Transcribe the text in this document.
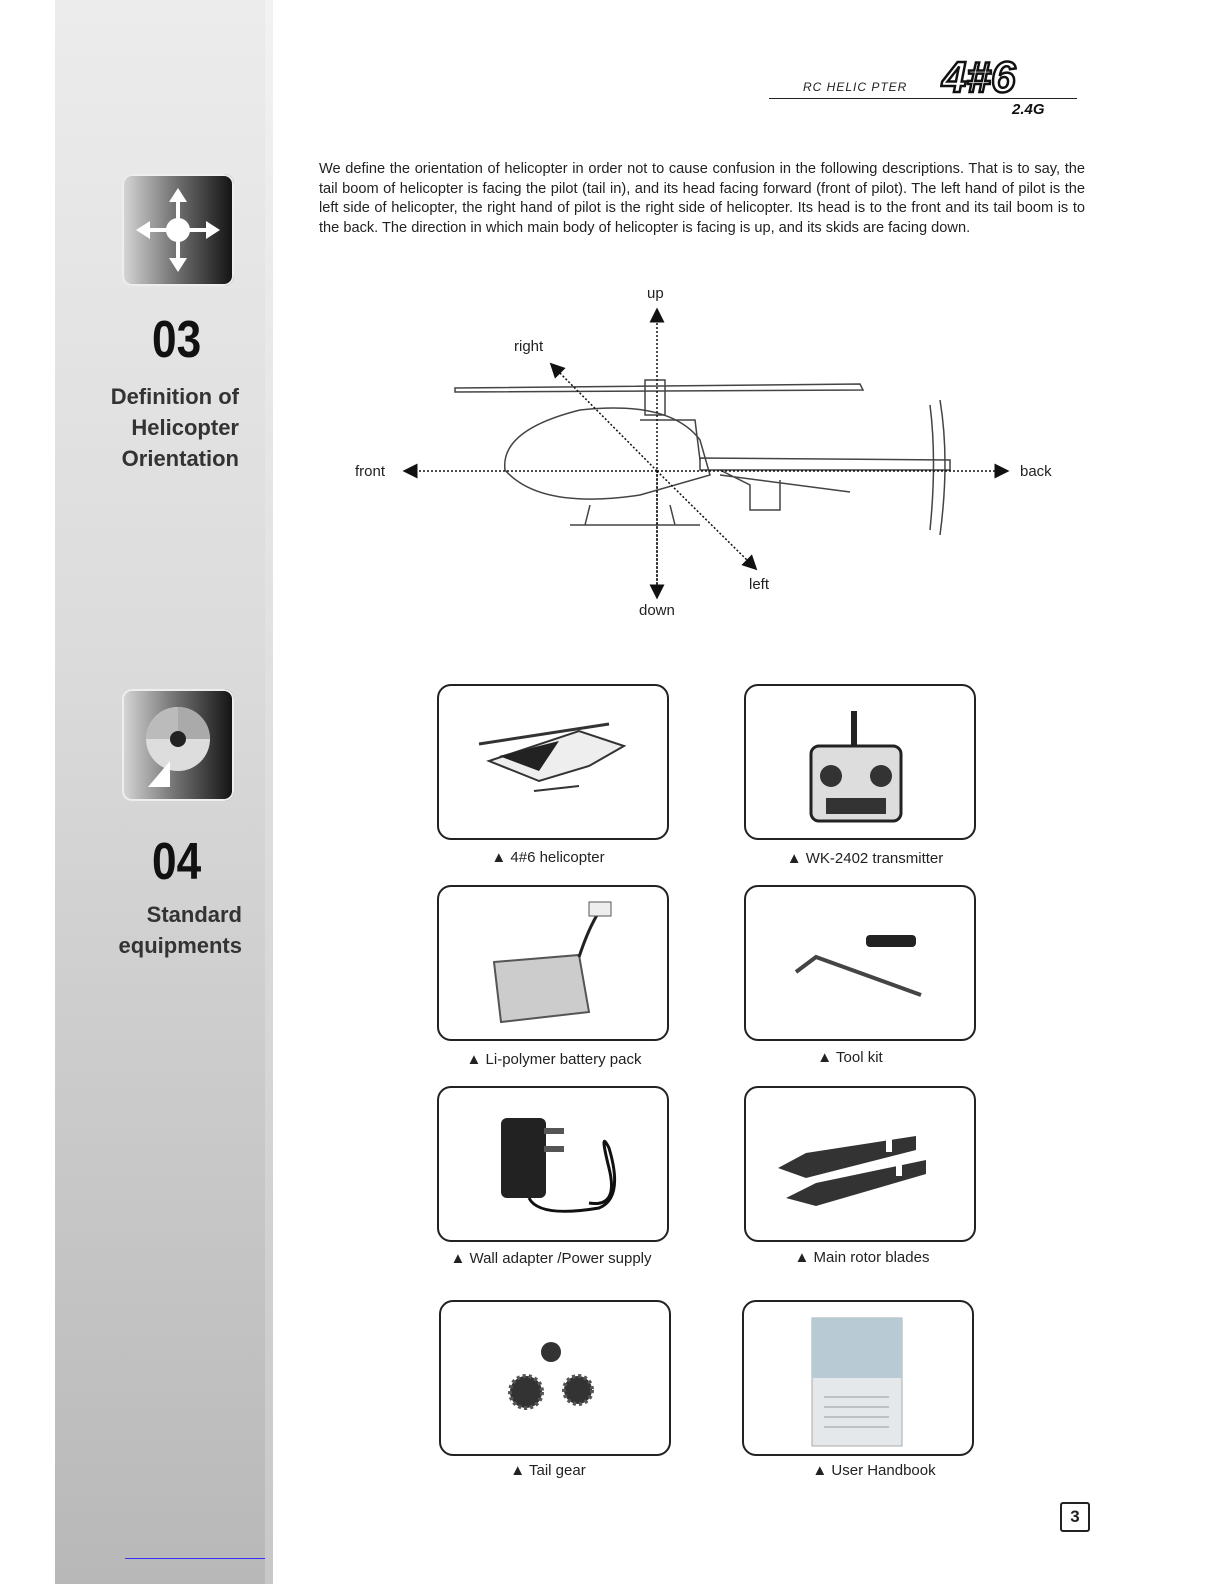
03
Definition of
Helicopter
Orientation
04
Standard
equipments
RC HELIC PTER 4#6
2.4G
We define the orientation of helicopter in order not to cause confusion in the following descriptions. That is to say, the tail boom of helicopter is facing the pilot (tail in), and its head facing forward (front of pilot). The left hand of pilot is the left side of helicopter, the right hand of pilot is the right side of helicopter. Its head is to the front and its tail boom is to the back. The direction in which main body of helicopter is facing is up, and its skids are facing down.
up
down
front	back
right
left
▲ 4#6 helicopter	▲ WK-2402 transmitter
▲ Li-polymer battery pack	▲ Tool kit
▲ Wall adapter /Power supply	▲ Main rotor blades
▲ Tail gear	▲ User Handbook
3
